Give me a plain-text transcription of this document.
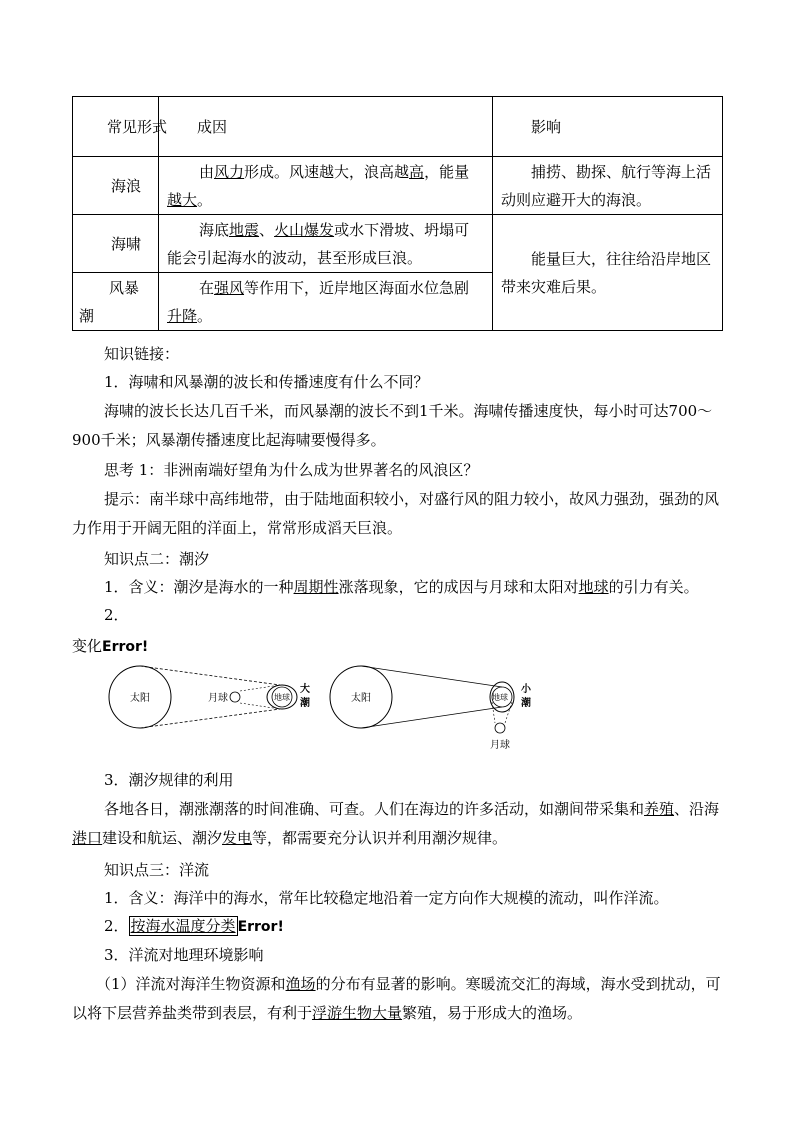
常见形式	成因	影响
海浪	由风力形成。风速越大，浪高越高，能量越大。	捕捞、勘探、航行等海上活动则应避开大的海浪。

海啸	海底地震、火山爆发或水下滑坡、坍塌可能会引起海水的波动，甚至形成巨浪。	能量巨大，往往给沿岸地区带来灾难后果。

风暴潮	在强风等作用下，近岸地区海面水位急剧升降。	
知识链接：
1．海啸和风暴潮的波长和传播速度有什么不同？
海啸的波长长达几百千米，而风暴潮的波长不到1千米。海啸传播速度快，每小时可达700～900千米；风暴潮传播速度比起海啸要慢得多。
思考 1：非洲南端好望角为什么成为世界著名的风浪区？
提示：南半球中高纬地带，由于陆地面积较小，对盛行风的阻力较小，故风力强劲，强劲的风力作用于开阔无阻的洋面上，常常形成滔天巨浪。
知识点二：潮汐
1．含义：潮汐是海水的一种周期性涨落现象，它的成因与月球和太阳对地球的引力有关。
2．
变化Error!
太阳	月球	地球
大
潮	太阳	地球
月球
小
潮
3．潮汐规律的利用
各地各日，潮涨潮落的时间准确、可查。人们在海边的许多活动，如潮间带采集和养殖、沿海港口建设和航运、潮汐发电等，都需要充分认识并利用潮汐规律。
知识点三：洋流
1．含义：海洋中的海水，常年比较稳定地沿着一定方向作大规模的流动，叫作洋流。
2． 按海水温度分类 Error!
3．洋流对地理环境影响
（1）洋流对海洋生物资源和渔场的分布有显著的影响。寒暖流交汇的海域，海水受到扰动，可以将下层营养盐类带到表层，有利于浮游生物大量繁殖，易于形成大的渔场。
